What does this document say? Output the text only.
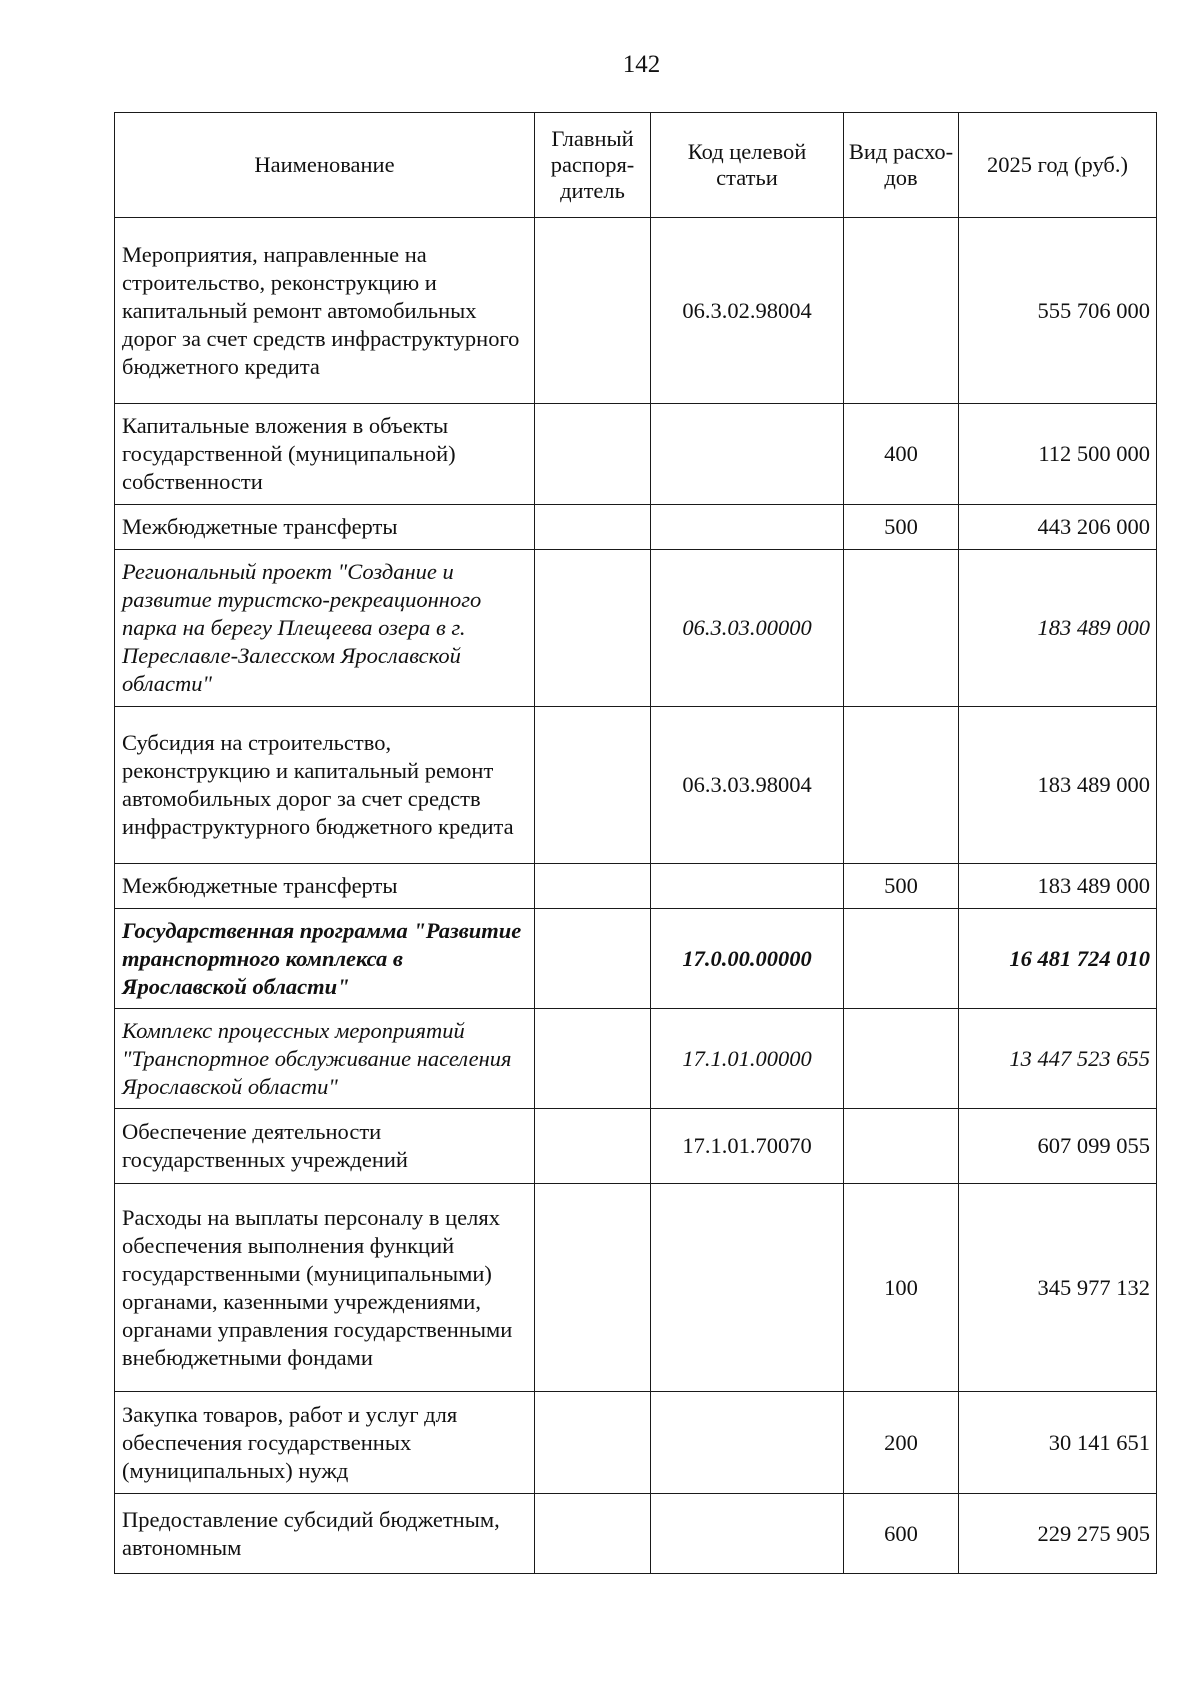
142
Наименование	Главный распоря-дитель	Код целевой статьи	Вид расхо-дов	2025 год (руб.)
Мероприятия, направленные на строительство, реконструкцию и капитальный ремонт автомобильных дорог за счет средств инфраструктурного бюджетного кредита		06.3.02.98004		555 706 000
Капитальные вложения в объекты государственной (муниципальной) собственности			400	112 500 000
Межбюджетные трансферты			500	443 206 000
Региональный проект "Создание и развитие туристско-рекреационного парка на берегу Плещеева озера в г. Переславле-Залесском Ярославской области"		06.3.03.00000		183 489 000
Субсидия на строительство, реконструкцию и капитальный ремонт автомобильных дорог за счет средств инфраструктурного бюджетного кредита		06.3.03.98004		183 489 000
Межбюджетные трансферты			500	183 489 000
Государственная программа "Развитие транспортного комплекса в Ярославской области"		17.0.00.00000		16 481 724 010
Комплекс процессных мероприятий "Транспортное обслуживание населения Ярославской области"		17.1.01.00000		13 447 523 655
Обеспечение деятельности государственных учреждений		17.1.01.70070		607 099 055
Расходы на выплаты персоналу в целях обеспечения выполнения функций государственными (муниципальными) органами, казенными учреждениями, органами управления государственными внебюджетными фондами			100	345 977 132
Закупка товаров, работ и услуг для обеспечения государственных (муниципальных) нужд			200	30 141 651
Предоставление субсидий бюджетным, автономным			600	229 275 905
